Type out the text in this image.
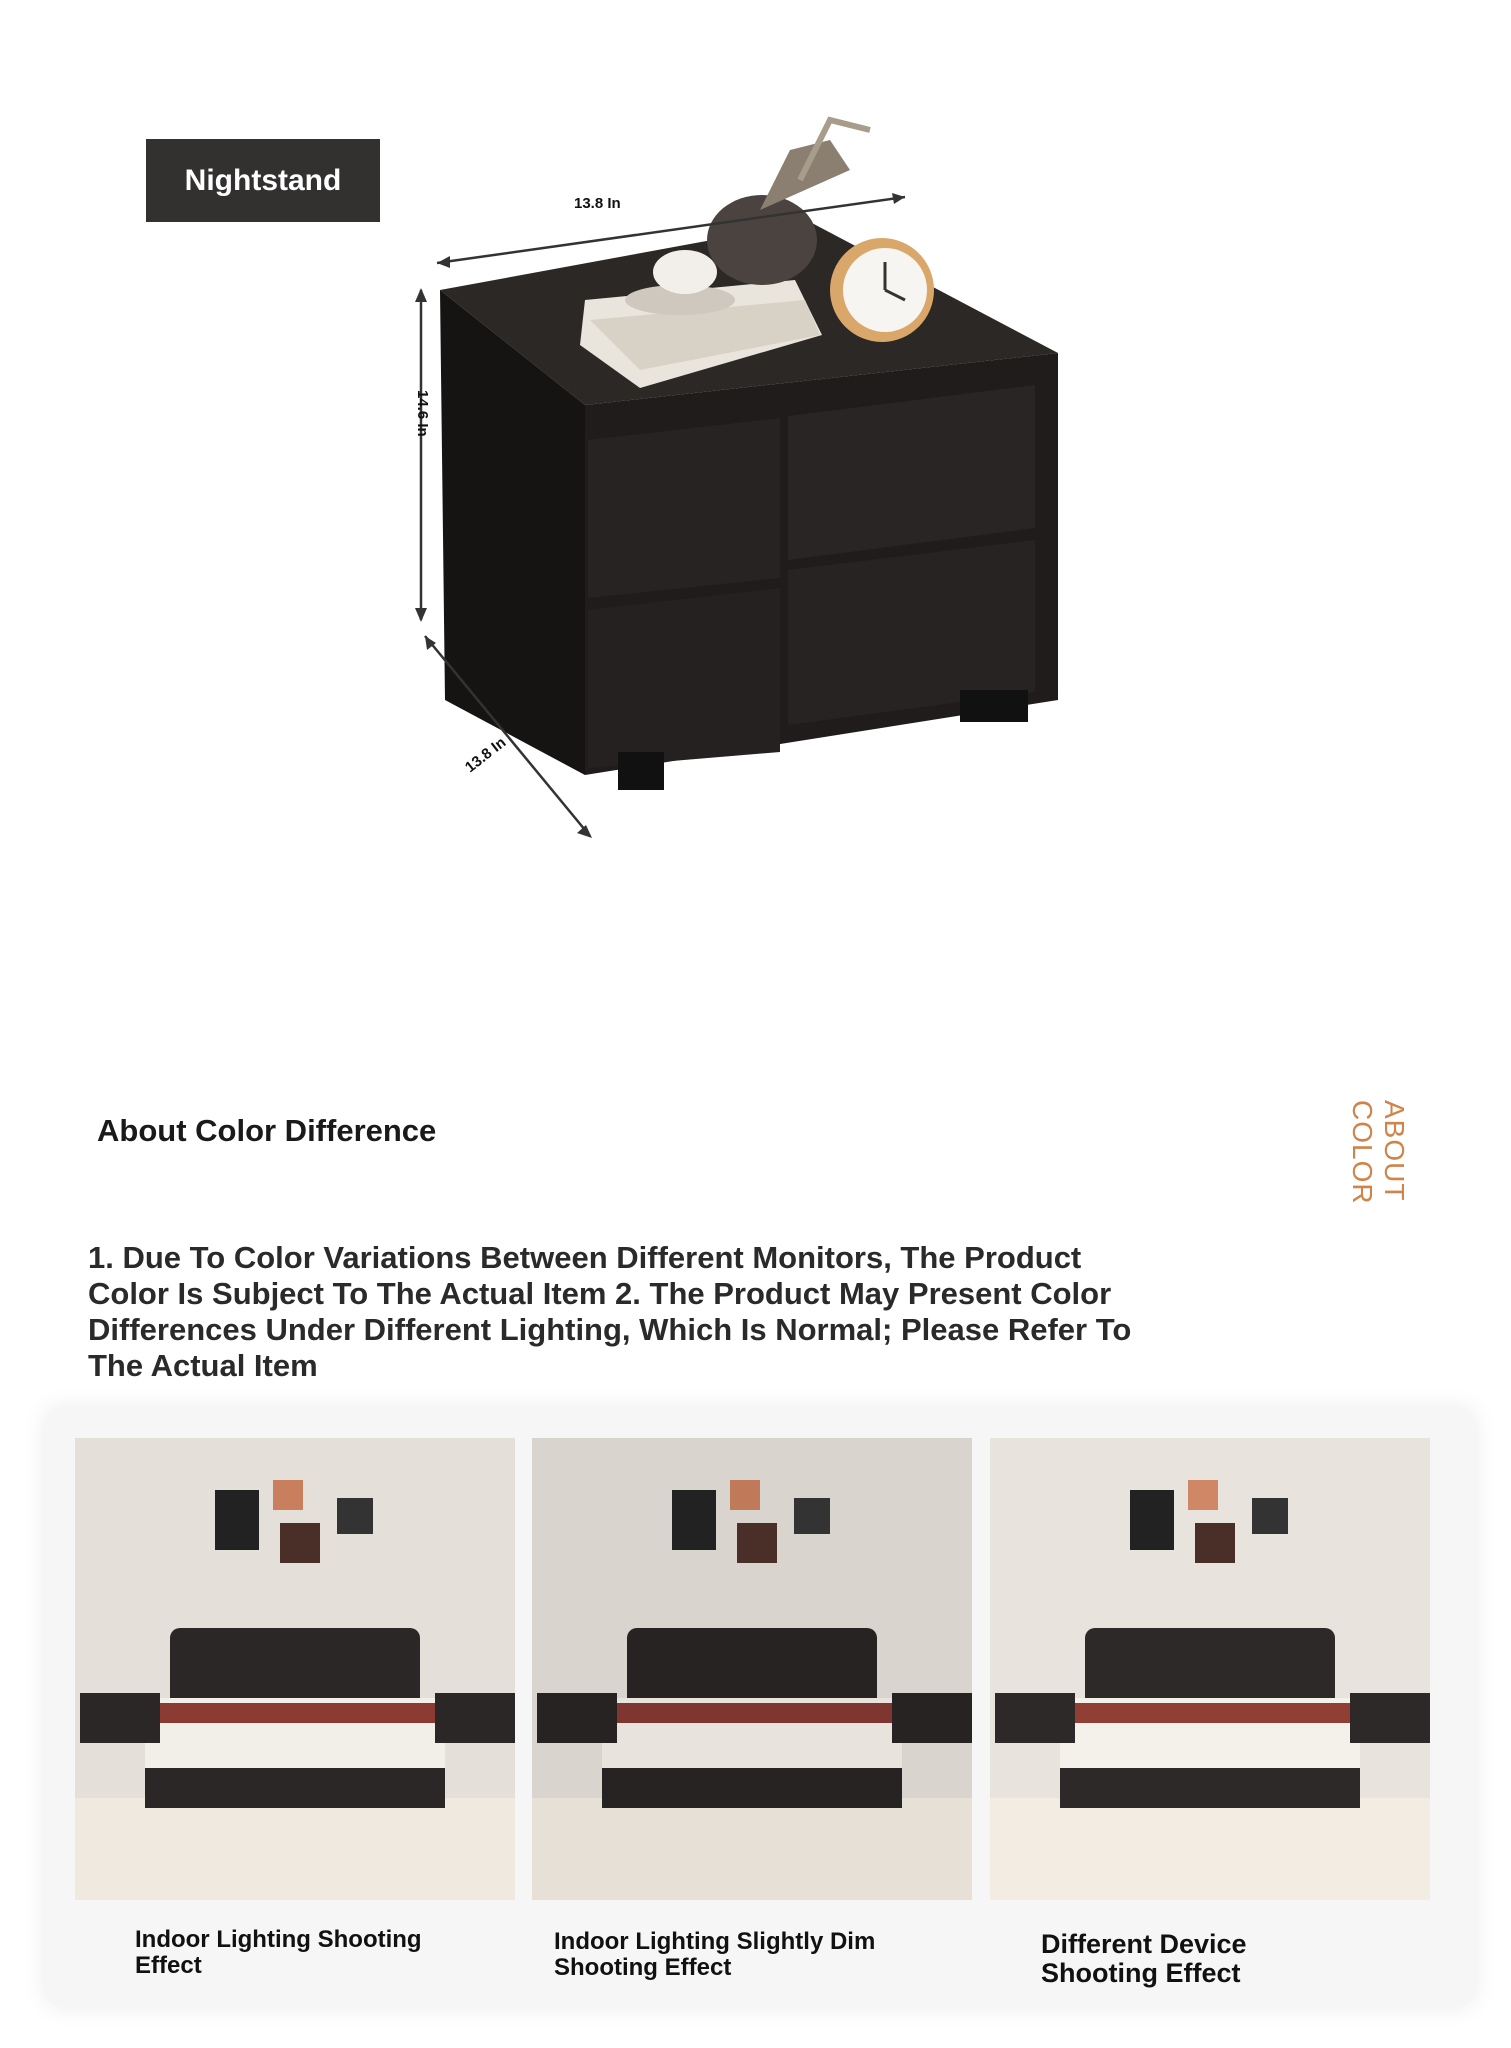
13.8 In
14.6 In
13.8 In
Nightstand
About Color Difference	ABOUT COLOR
1. Due To Color Variations Between Different Monitors, The Product Color Is Subject To The Actual Item 2. The Product May Present Color Differences Under Different Lighting, Which Is Normal; Please Refer To The Actual Item
Indoor Lighting Shooting Effect
Indoor Lighting Slightly Dim Shooting Effect
Different Device Shooting Effect
